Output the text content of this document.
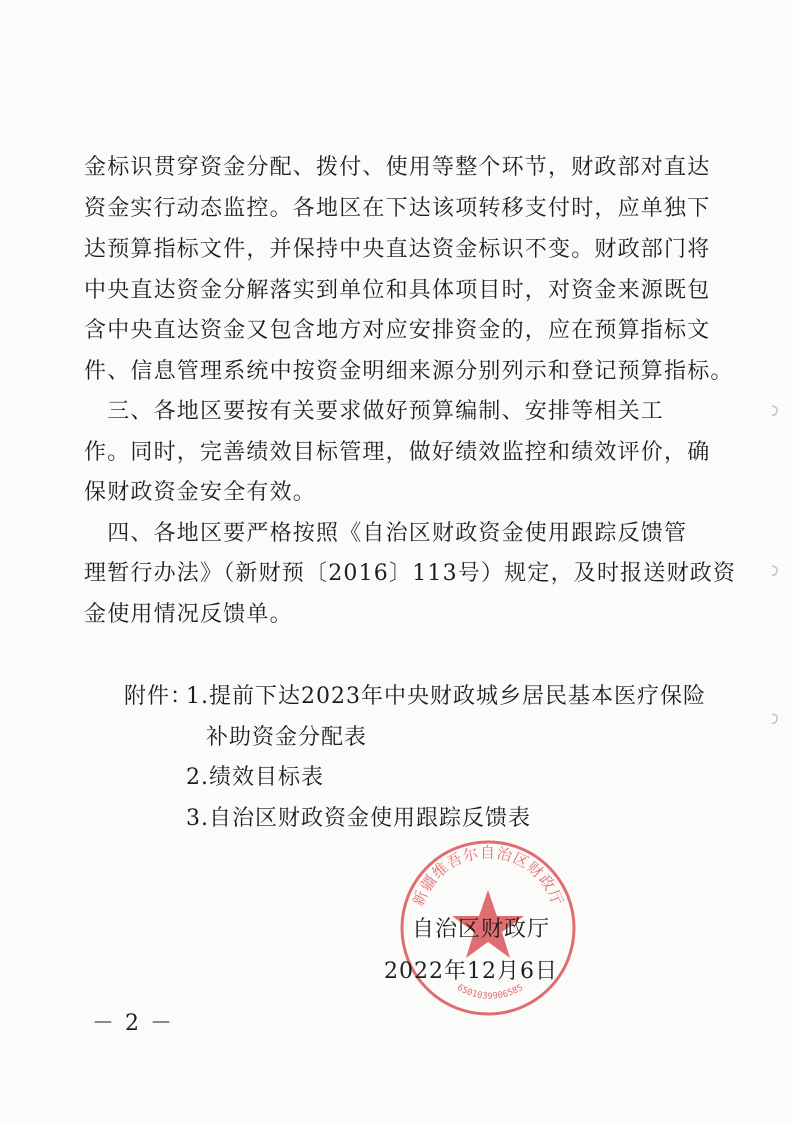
金标识贯穿资金分配、拨付、使用等整个环节，财政部对直达
资金实行动态监控。各地区在下达该项转移支付时，应单独下
达预算指标文件，并保持中央直达资金标识不变。财政部门将
中央直达资金分解落实到单位和具体项目时，对资金来源既包
含中央直达资金又包含地方对应安排资金的，应在预算指标文
件、信息管理系统中按资金明细来源分别列示和登记预算指标。
　三、各地区要按有关要求做好预算编制、安排等相关工
作。同时，完善绩效目标管理，做好绩效监控和绩效评价，确
保财政资金安全有效。
　四、各地区要严格按照《自治区财政资金使用跟踪反馈管
理暂行办法》（新财预〔2016〕113号）规定，及时报送财政资
金使用情况反馈单。
附件：
1.提前下达2023年中央财政城乡居民基本医疗保险
补助资金分配表
2.绩效目标表
3.自治区财政资金使用跟踪反馈表
新疆维吾尔自治区财政厅
6501039906585
自治区财政厅
2022年12月6日
－ 2 －
